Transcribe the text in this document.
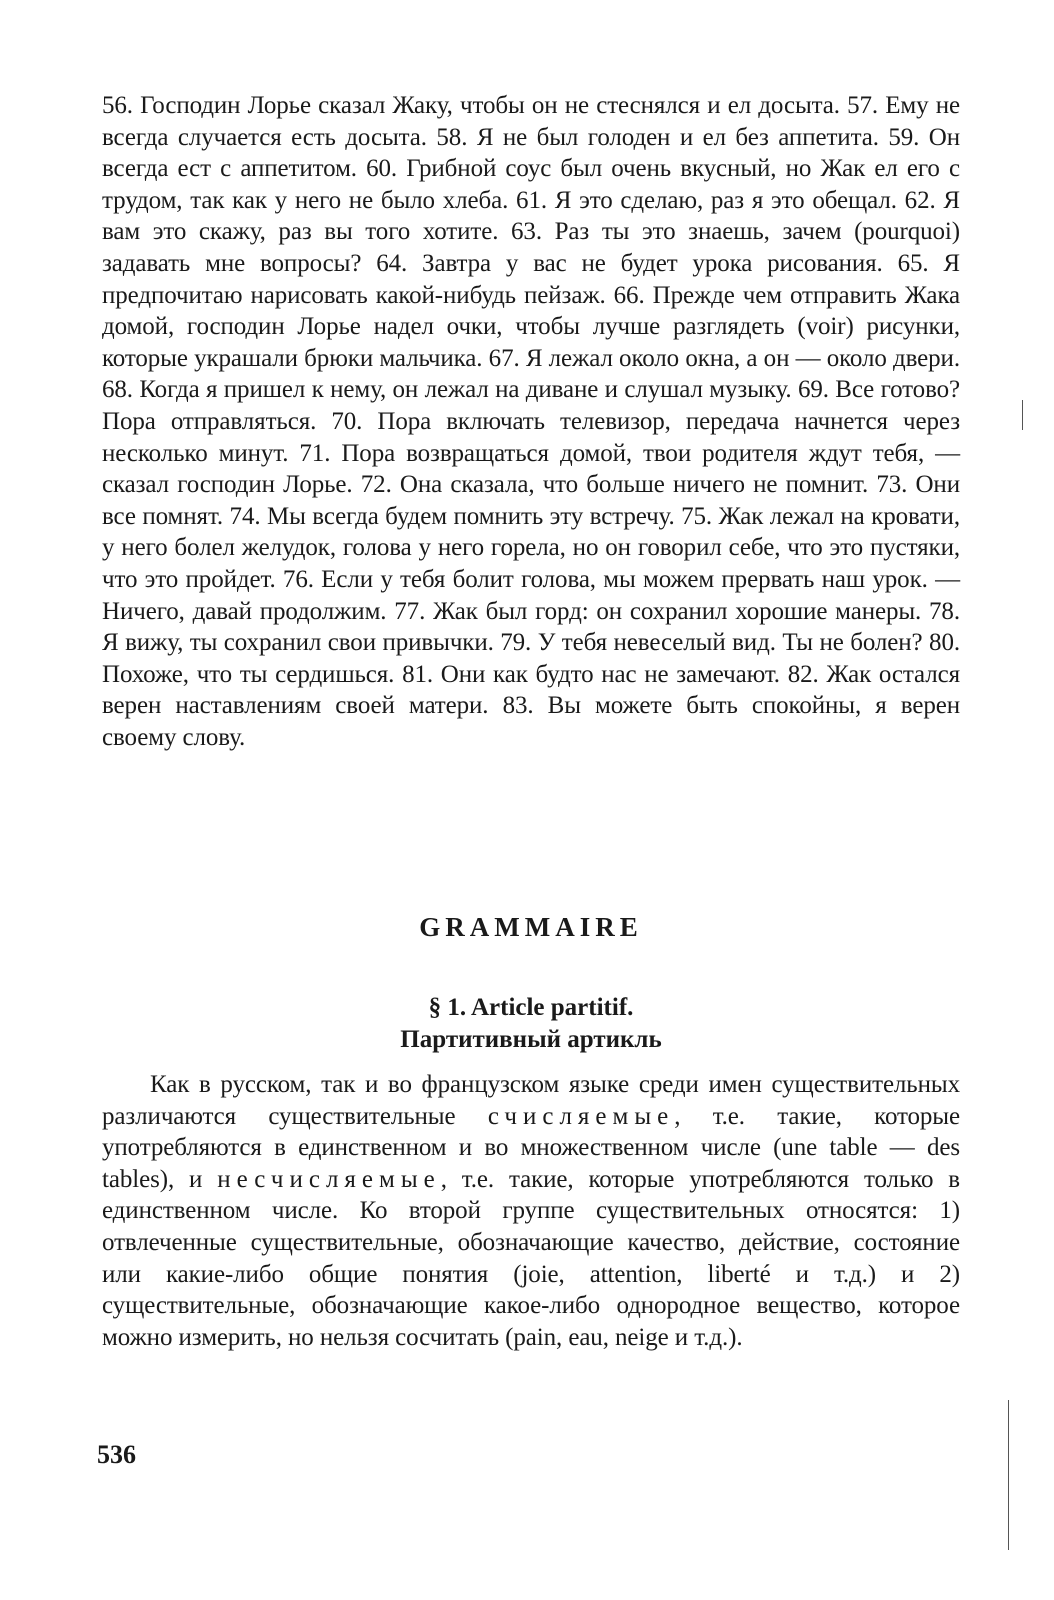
56. Господин Лорье сказал Жаку, чтобы он не стеснялся и ел досыта. 57. Ему не всегда случается есть досыта. 58. Я не был голоден и ел без аппетита. 59. Он всегда ест с аппетитом. 60. Грибной соус был очень вкусный, но Жак ел его с трудом, так как у него не было хлеба. 61. Я это сделаю, раз я это обещал. 62. Я вам это скажу, раз вы того хотите. 63. Раз ты это знаешь, зачем (pourquoi) задавать мне вопросы? 64. Завтра у вас не будет урока рисования. 65. Я предпочитаю нарисовать какой-нибудь пейзаж. 66. Прежде чем отправить Жака домой, господин Лорье надел очки, чтобы лучше разглядеть (voir) рисунки, которые украшали брюки мальчика. 67. Я лежал около окна, а он — около двери. 68. Когда я пришел к нему, он лежал на диване и слушал музыку. 69. Все готово? Пора отправляться. 70. Пора включать телевизор, передача начнется через несколько минут. 71. Пора возвращаться домой, твои родителя ждут тебя, — сказал господин Лорье. 72. Она сказала, что больше ничего не помнит. 73. Они все помнят. 74. Мы всегда будем помнить эту встречу. 75. Жак лежал на кровати, у него болел желудок, голова у него горела, но он говорил себе, что это пустяки, что это пройдет. 76. Если у тебя болит голова, мы можем прервать наш урок. — Ничего, давай продолжим. 77. Жак был горд: он сохранил хорошие манеры. 78. Я вижу, ты сохранил свои привычки. 79. У тебя невеселый вид. Ты не болен? 80. Похоже, что ты сердишься. 81. Они как будто нас не замечают. 82. Жак остался верен наставлениям своей матери. 83. Вы можете быть спокойны, я верен своему слову.

GRAMMAIRE
§ 1. Article partitif.
Партитивный артикль

Как в русском, так и во французском языке среди имен существительных различаются существительные счисляемые, т.е. такие, которые употребляются в единственном и во множественном числе (une table — des tables), и несчисляемые, т.е. такие, которые употребляются только в единственном числе. Ко второй группе существительных относятся: 1) отвлеченные существительные, обозначающие качество, действие, состояние или какие-либо общие понятия (joie, attention, liberté и т.д.) и 2) существительные, обозначающие какое-либо однородное вещество, которое можно измерить, но нельзя сосчитать (pain, eau, neige и т.д.).

536
